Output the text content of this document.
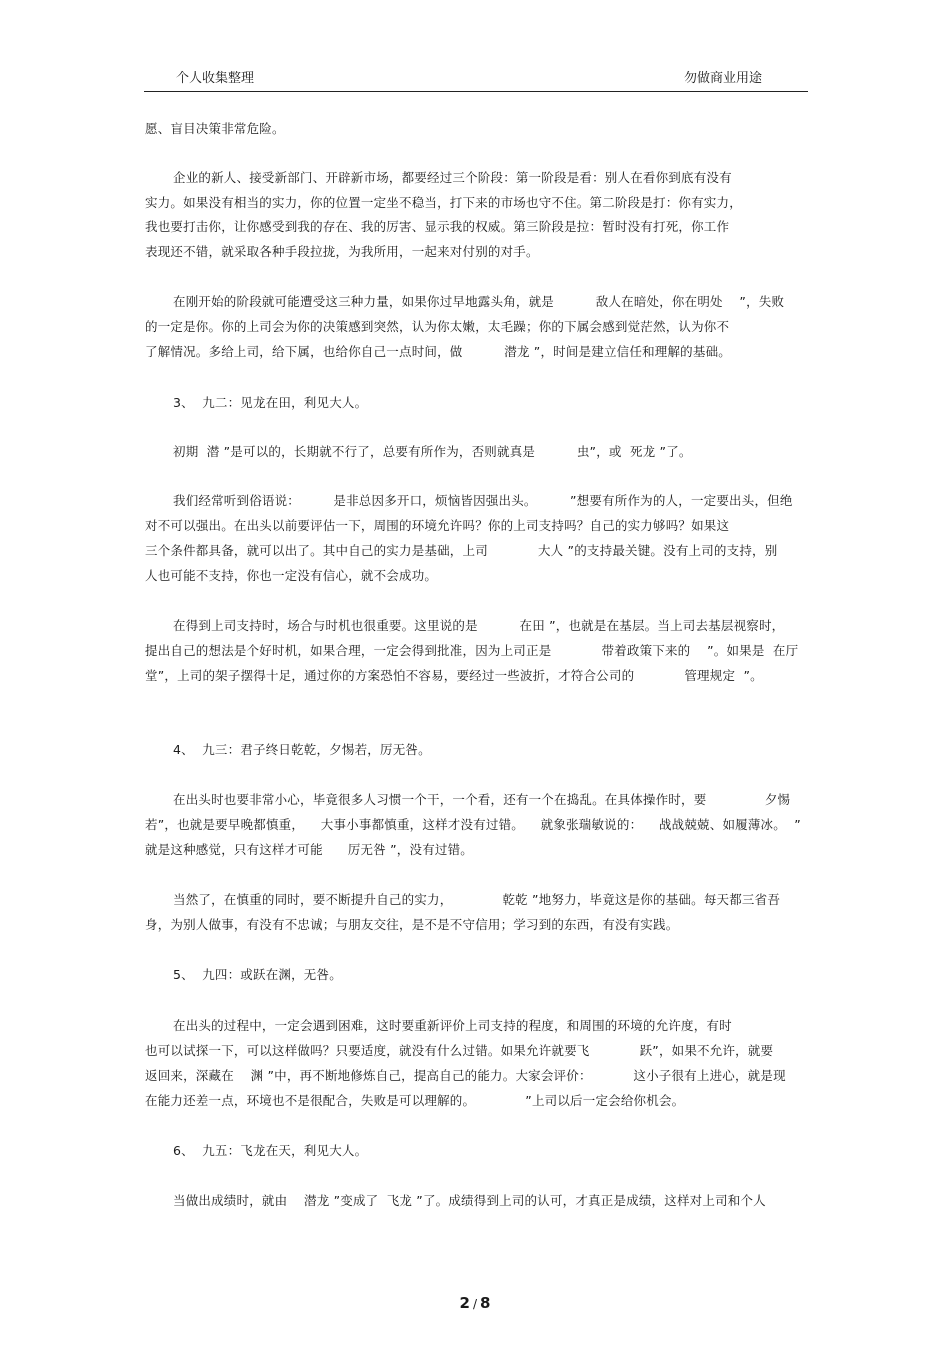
个人收集整理	勿做商业用途
愿、盲目决策非常危险。
企业的新人、接受新部门、开辟新市场，都要经过三个阶段：第一阶段是看：别人在看你到底有没有
实力。如果没有相当的实力，你的位置一定坐不稳当，打下来的市场也守不住。第二阶段是打：你有实力，
我也要打击你，让你感受到我的存在、我的厉害、显示我的权威。第三阶段是拉：暂时没有打死，你工作
表现还不错，就采取各种手段拉拢，为我所用，一起来对付别的对手。
在刚开始的阶段就可能遭受这三种力量，如果你过早地露头角，就是          敌人在暗处，你在明处    ”，失败
的一定是你。你的上司会为你的决策感到突然，认为你太嫩，太毛躁；你的下属会感到觉茫然，认为你不
了解情况。多给上司，给下属，也给你自己一点时间，做          潜龙 ”，时间是建立信任和理解的基础。
3、  九二：见龙在田，利见大人。
初期  潜 ”是可以的，长期就不行了，总要有所作为，否则就真是          虫”，或  死龙 ”了。
我们经常听到俗语说：        是非总因多开口，烦恼皆因强出头。        ”想要有所作为的人，一定要出头，但绝
对不可以强出。在出头以前要评估一下，周围的环境允许吗？你的上司支持吗？自己的实力够吗？如果这
三个条件都具备，就可以出了。其中自己的实力是基础，上司            大人 ”的支持最关键。没有上司的支持，别
人也可能不支持，你也一定没有信心，就不会成功。
在得到上司支持时，场合与时机也很重要。这里说的是          在田 ”，也就是在基层。当上司去基层视察时，
提出自己的想法是个好时机，如果合理，一定会得到批准，因为上司正是            带着政策下来的    ”。如果是  在厅
堂”，上司的架子摆得十足，通过你的方案恐怕不容易，要经过一些波折，才符合公司的            管理规定  ”。
4、  九三：君子终日乾乾，夕惕若，厉无咎。
在出头时也要非常小心，毕竟很多人习惯一个干，一个看，还有一个在捣乱。在具体操作时，要              夕惕
若”，也就是要早晚都慎重，    大事小事都慎重，这样才没有过错。    就象张瑞敏说的：    战战兢兢、如履薄冰。  ”
就是这种感觉，只有这样才可能      厉无咎 ”，没有过错。
当然了，在慎重的同时，要不断提升自己的实力，            乾乾 ”地努力，毕竟这是你的基础。每天都三省吾
身，为别人做事，有没有不忠诚；与朋友交往，是不是不守信用；学习到的东西，有没有实践。
5、  九四：或跃在渊，无咎。
在出头的过程中，一定会遇到困难，这时要重新评价上司支持的程度，和周围的环境的允许度，有时
也可以试探一下，可以这样做吗？只要适度，就没有什么过错。如果允许就要飞            跃”，如果不允许，就要
返回来，深藏在    渊 ”中，再不断地修炼自己，提高自己的能力。大家会评价：          这小子很有上进心，就是现
在能力还差一点，环境也不是很配合，失败是可以理解的。            ”上司以后一定会给你机会。
6、  九五：飞龙在天，利见大人。
当做出成绩时，就由    潜龙 ”变成了  飞龙 ”了。成绩得到上司的认可，才真正是成绩，这样对上司和个人
2 / 8
